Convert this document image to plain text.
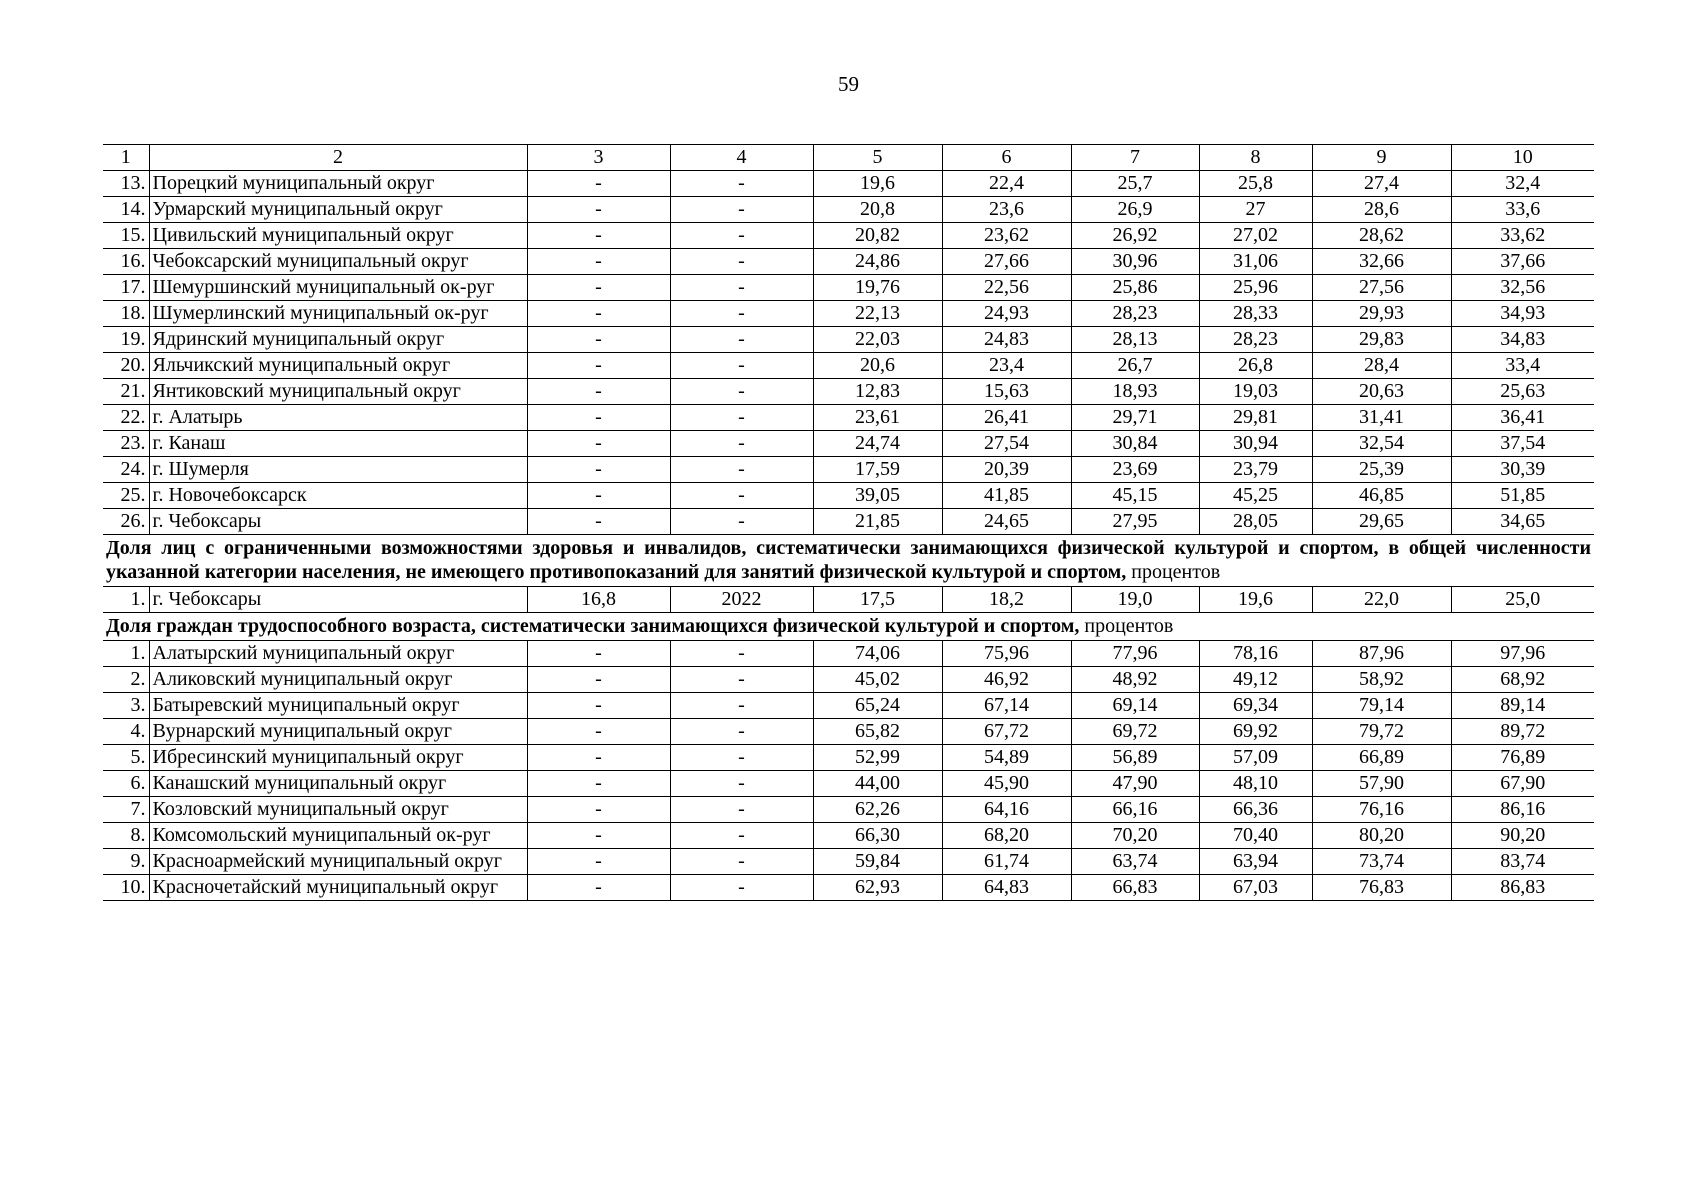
59
1	2	3	4	5	6	7	8	9	10
13.	Порецкий муниципальный округ	-	-	19,6	22,4	25,7	25,8	27,4	32,4
14.	Урмарский муниципальный округ	-	-	20,8	23,6	26,9	27	28,6	33,6
15.	Цивильский муниципальный округ	-	-	20,82	23,62	26,92	27,02	28,62	33,62
16.	Чебоксарский муниципальный округ	-	-	24,86	27,66	30,96	31,06	32,66	37,66
17.	Шемуршинский муниципальный ок-руг	-	-	19,76	22,56	25,86	25,96	27,56	32,56
18.	Шумерлинский муниципальный ок-руг	-	-	22,13	24,93	28,23	28,33	29,93	34,93
19.	Ядринский муниципальный округ	-	-	22,03	24,83	28,13	28,23	29,83	34,83
20.	Яльчикский муниципальный округ	-	-	20,6	23,4	26,7	26,8	28,4	33,4
21.	Янтиковский муниципальный округ	-	-	12,83	15,63	18,93	19,03	20,63	25,63
22.	г. Алатырь	-	-	23,61	26,41	29,71	29,81	31,41	36,41
23.	г. Канаш	-	-	24,74	27,54	30,84	30,94	32,54	37,54
24.	г. Шумерля	-	-	17,59	20,39	23,69	23,79	25,39	30,39
25.	г. Новочебоксарск	-	-	39,05	41,85	45,15	45,25	46,85	51,85
26.	г. Чебоксары	-	-	21,85	24,65	27,95	28,05	29,65	34,65
Доля лиц с ограниченными возможностями здоровья и инвалидов, систематически занимающихся физической культурой и спортом, в общей численности указанной категории населения, не имеющего противопоказаний для занятий физической культурой и спортом, процентов									
1.	г. Чебоксары	16,8	2022	17,5	18,2	19,0	19,6	22,0	25,0
Доля граждан трудоспособного возраста, систематически занимающихся физической культурой и спортом, процентов									
1.	Алатырский муниципальный округ	-	-	74,06	75,96	77,96	78,16	87,96	97,96
2.	Аликовский муниципальный округ	-	-	45,02	46,92	48,92	49,12	58,92	68,92
3.	Батыревский муниципальный округ	-	-	65,24	67,14	69,14	69,34	79,14	89,14
4.	Вурнарский муниципальный округ	-	-	65,82	67,72	69,72	69,92	79,72	89,72
5.	Ибресинский муниципальный округ	-	-	52,99	54,89	56,89	57,09	66,89	76,89
6.	Канашский муниципальный округ	-	-	44,00	45,90	47,90	48,10	57,90	67,90
7.	Козловский муниципальный округ	-	-	62,26	64,16	66,16	66,36	76,16	86,16
8.	Комсомольский муниципальный ок-руг	-	-	66,30	68,20	70,20	70,40	80,20	90,20
9.	Красноармейский муниципальный округ	-	-	59,84	61,74	63,74	63,94	73,74	83,74
10.	Красночетайский муниципальный округ	-	-	62,93	64,83	66,83	67,03	76,83	86,83
